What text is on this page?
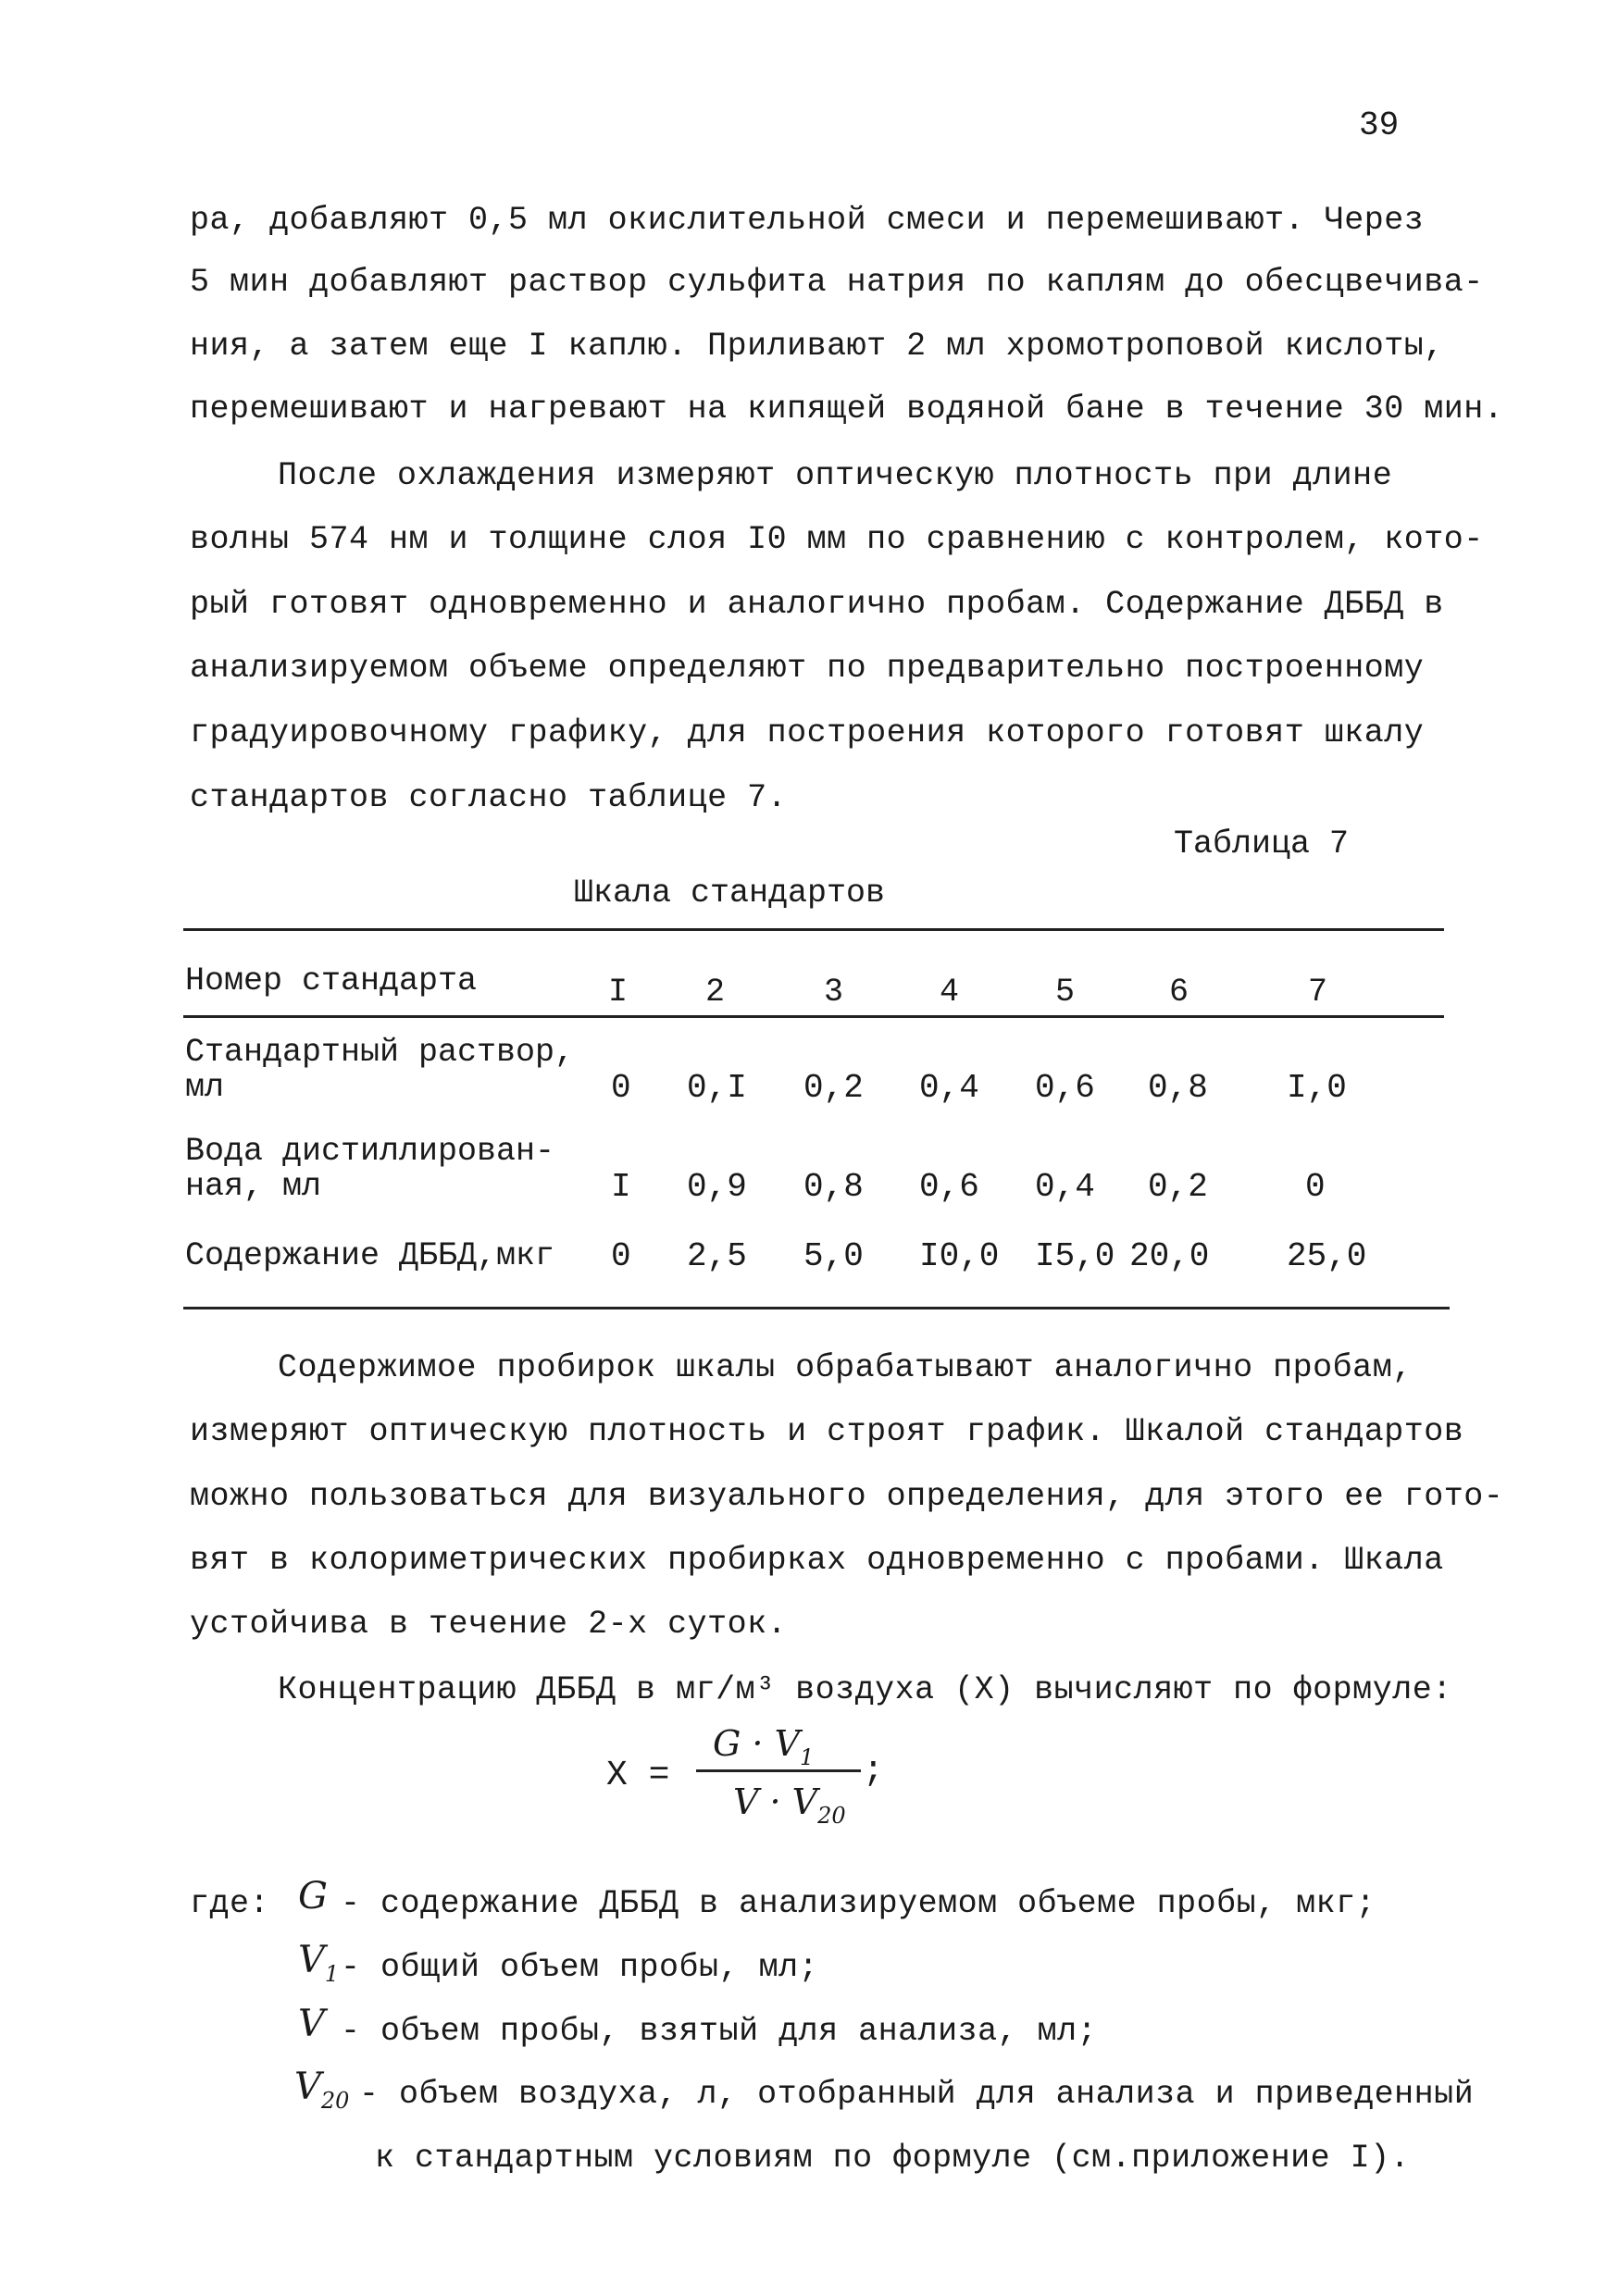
39
ра, добавляют 0,5 мл окислительной смеси и перемешивают. Через
5 мин добавляют раствор сульфита натрия по каплям до обесцвечива-
ния, а затем еще I каплю. Приливают 2 мл хромотроповой кислоты,
перемешивают и нагревают на кипящей водяной бане в течение 30 мин.
После охлаждения измеряют оптическую плотность при длине
волны 574 нм и толщине слоя I0 мм по сравнению с контролем, кото-
рый готовят одновременно и аналогично пробам. Содержание ДББД в
анализируемом объеме определяют по предварительно построенному
градуировочному графику, для построения которого готовят шкалу
стандартов согласно таблице 7.
Таблица 7
Шкала стандартов
Номер стандарта	I 2	3	4	5	6	7
Стандартный раствор,
мл	0 0,I 0,2 0,4 0,6 0,8 I,0
Вода дистиллирован-
ная, мл	I 0,9 0,8 0,6 0,4 0,2	0
Содержание ДББД,мкг 0 2,5 5,0 I0,0 I5,0 20,0 25,0
Содержимое пробирок шкалы обрабатывают аналогично пробам,
измеряют оптическую плотность и строят график. Шкалой стандартов
можно пользоваться для визуального определения, для этого ее гото-
вят в колориметрических пробирках одновременно с пробами. Шкала
устойчива в течение 2-х суток.
Концентрацию ДББД в мг/м³ воздуха (X) вычисляют по формуле:
X =
$G \cdot V_1$
$V \cdot V_{20}$
;
где: G - содержание ДББД в анализируемом объеме пробы, мкг;
$V_1$ - общий объем пробы, мл;
V - объем пробы, взятый для анализа, мл;
$V_{20}$ - объем воздуха, л, отобранный для анализа и приведенный
к стандартным условиям по формуле (см.приложение I).
